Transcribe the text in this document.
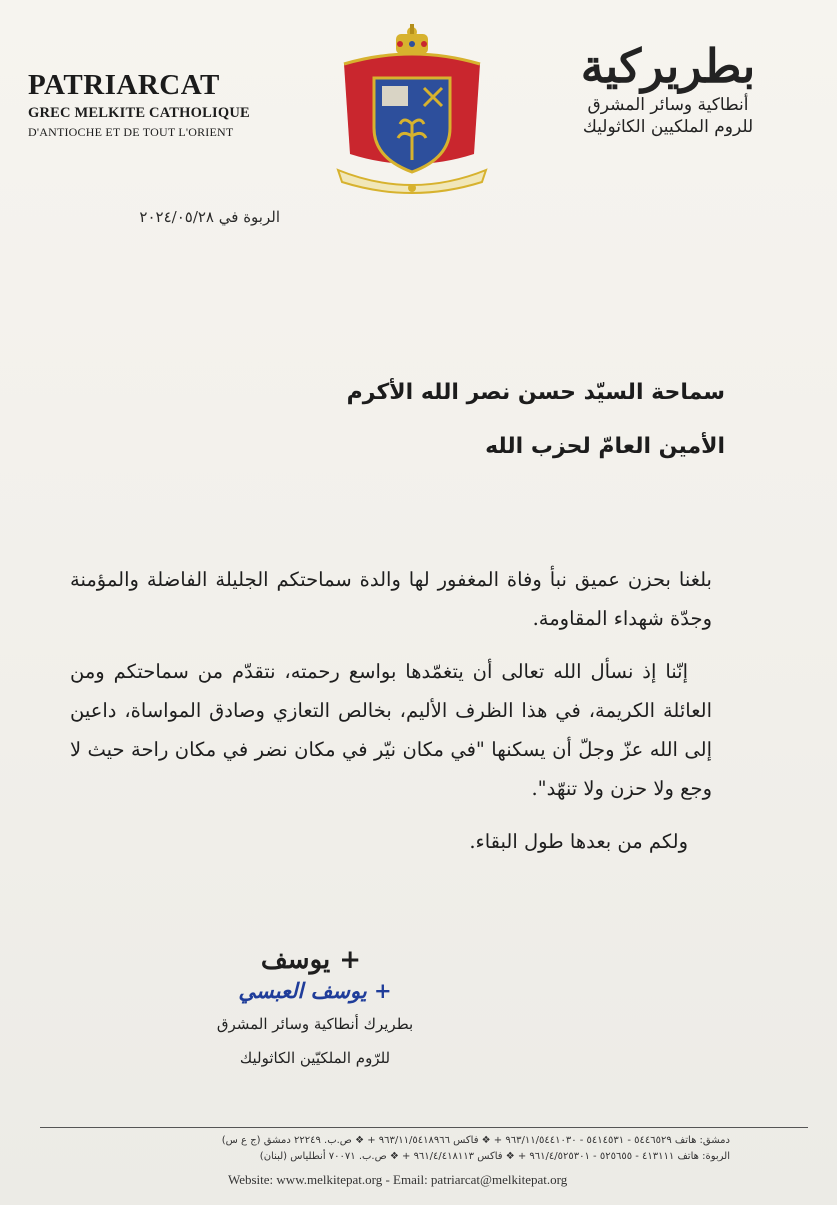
PATRIARCAT
GREC MELKITE CATHOLIQUE
D'ANTIOCHE ET DE TOUT L'ORIENT
بطريركية
أنطاكية وسائر المشرق
للروم الملكيين الكاثوليك
الربوة في ٢٠٢٤/٠٥/٢٨
سماحة السيّد حسن نصر الله الأكرم
الأمين العامّ لحزب الله

بلغنا بحزن عميق نبأ وفاة المغفور لها والدة سماحتكم الجليلة الفاضلة والمؤمنة وجدّة شهداء المقاومة.

إنّنا إذ نسأل الله تعالى أن يتغمّدها بواسع رحمته، نتقدّم من سماحتكم ومن العائلة الكريمة، في هذا الظرف الأليم، بخالص التعازي وصادق المواساة، داعين إلى الله عزّ وجلّ أن يسكنها "في مكان نيّر في مكان نضر في مكان راحة حيث لا وجع ولا حزن ولا تنهّد".

ولكم من بعدها طول البقاء.

+ يوسف
+ يوسف العبسي
بطريرك أنطاكية وسائر المشرق
للرّوم الملكيّين الكاثوليك
دمشق: هاتف ٥٤٤٦٥٢٩ - ٥٤١٤٥٣١ - ٩٦٣/١١/٥٤٤١٠٣٠ + ❖ فاكس ٩٦٣/١١/٥٤١٨٩٦٦ + ❖ ص.ب. ٢٢٢٤٩ دمشق (ج ع س)
الربوة: هاتف ٤١٣١١١ - ٥٢٥٦٥٥ - ٩٦١/٤/٥٢٥٣٠١ + ❖ فاكس ٩٦١/٤/٤١٨١١٣ + ❖ ص.ب. ٧٠٠٧١ أنطلياس (لبنان)
Website: www.melkitepat.org - Email: patriarcat@melkitepat.org
